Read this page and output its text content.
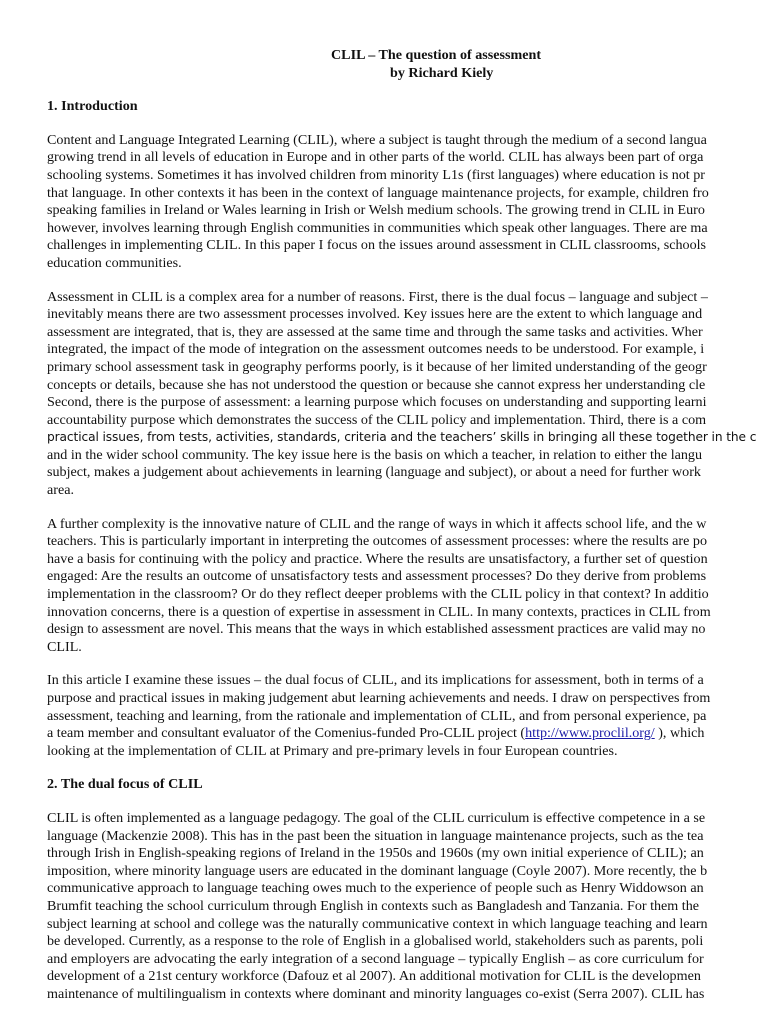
CLIL – The question of assessment
by Richard Kiely
1. Introduction
Content and Language Integrated Learning (CLIL), where a subject is taught through the medium of a second langua
growing trend in all levels of education in Europe and in other parts of the world. CLIL has always been part of orga
schooling systems. Sometimes it has involved children from minority L1s (first languages) where education is not pr
that language. In other contexts it has been in the context of language maintenance projects, for example, children fro
speaking families in Ireland or Wales learning in Irish or Welsh medium schools. The growing trend in CLIL in Euro
however, involves learning through English communities in communities which speak other languages. There are ma
challenges in implementing CLIL. In this paper I focus on the issues around assessment in CLIL classrooms, schools
education communities.
Assessment in CLIL is a complex area for a number of reasons. First, there is the dual focus – language and subject –
inevitably means there are two assessment processes involved. Key issues here are the extent to which language and
assessment are integrated, that is, they are assessed at the same time and through the same tasks and activities. Wher
integrated, the impact of the mode of integration on the assessment outcomes needs to be understood. For example, i
primary school assessment task in geography performs poorly, is it because of her limited understanding of the geogr
concepts or details, because she has not understood the question or because she cannot express her understanding cle
Second, there is the purpose of assessment: a learning purpose which focuses on understanding and supporting learni
accountability purpose which demonstrates the success of the CLIL policy and implementation. Third, there is a com
practical issues, from tests, activities, standards, criteria and the teachers’ skills in bringing all these together in the c
and in the wider school community. The key issue here is the basis on which a teacher, in relation to either the langu
subject, makes a judgement about achievements in learning (language and subject), or about a need for further work
area.
A further complexity is the innovative nature of CLIL and the range of ways in which it affects school life, and the w
teachers. This is particularly important in interpreting the outcomes of assessment processes: where the results are po
have a basis for continuing with the policy and practice. Where the results are unsatisfactory, a further set of question
engaged: Are the results an outcome of unsatisfactory tests and assessment processes? Do they derive from problems
implementation in the classroom? Or do they reflect deeper problems with the CLIL policy in that context? In additio
innovation concerns, there is a question of expertise in assessment in CLIL. In many contexts, practices in CLIL from
design to assessment are novel. This means that the ways in which established assessment practices are valid may no
CLIL.
In this article I examine these issues – the dual focus of CLIL, and its implications for assessment, both in terms of a
purpose and practical issues in making judgement abut learning achievements and needs. I draw on perspectives from
assessment, teaching and learning, from the rationale and implementation of CLIL, and from personal experience, pa
a team member and consultant evaluator of the Comenius-funded Pro-CLIL project (http://www.proclil.org/ ), which
looking at the implementation of CLIL at Primary and pre-primary levels in four European countries.
2. The dual focus of CLIL
CLIL is often implemented as a language pedagogy. The goal of the CLIL curriculum is effective competence in a se
language (Mackenzie 2008). This has in the past been the situation in language maintenance projects, such as the tea
through Irish in English-speaking regions of Ireland in the 1950s and 1960s (my own initial experience of CLIL); an
imposition, where minority language users are educated in the dominant language (Coyle 2007). More recently, the b
communicative approach to language teaching owes much to the experience of people such as Henry Widdowson an
Brumfit teaching the school curriculum through English in contexts such as Bangladesh and Tanzania. For them the
subject learning at school and college was the naturally communicative context in which language teaching and learn
be developed. Currently, as a response to the role of English in a globalised world, stakeholders such as parents, poli
and employers are advocating the early integration of a second language – typically English – as core curriculum for
development of a 21st century workforce (Dafouz et al 2007). An additional motivation for CLIL is the developmen
maintenance of multilingualism in contexts where dominant and minority languages co-exist (Serra 2007). CLIL has
